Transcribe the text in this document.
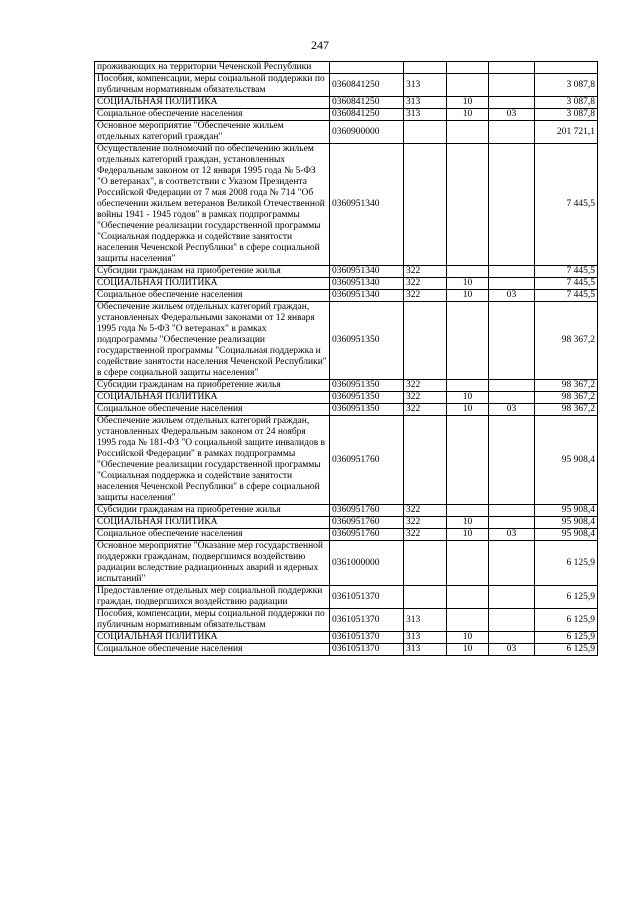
247
проживающих на территории Чеченской Республики					
Пособия, компенсации, меры социальной поддержки по публичным нормативным обязательствам	0360841250	313			3 087,8
СОЦИАЛЬНАЯ ПОЛИТИКА	0360841250	313	10		3 087,8
Социальное обеспечение населения	0360841250	313	10	03	3 087,8
Основное мероприятие "Обеспечение жильем отдельных категорий граждан"	0360900000				201 721,1
Осуществление полномочий по обеспечению жильем отдельных категорий граждан, установленных Федеральным законом от 12 января 1995 года № 5-ФЗ "О ветеранах", в соответствии с Указом Президента Российской Федерации от 7 мая 2008 года № 714 "Об обеспечении жильем ветеранов Великой Отечественной войны 1941 - 1945 годов" в рамках подпрограммы "Обеспечение реализации государственной программы "Социальная поддержка и содействие занятости населения Чеченской Республики" в сфере социальной защиты населения"	0360951340				7 445,5
Субсидии гражданам на приобретение жилья	0360951340	322			7 445,5
СОЦИАЛЬНАЯ ПОЛИТИКА	0360951340	322	10		7 445,5
Социальное обеспечение населения	0360951340	322	10	03	7 445,5
Обеспечение жильем отдельных категорий граждан, установленных Федеральными законами от 12 января 1995 года № 5-ФЗ "О ветеранах" в рамках подпрограммы "Обеспечение реализации государственной программы "Социальная поддержка и содействие занятости населения Чеченской Республики" в сфере социальной защиты населения"	0360951350				98 367,2
Субсидии гражданам на приобретение жилья	0360951350	322			98 367,2
СОЦИАЛЬНАЯ ПОЛИТИКА	0360951350	322	10		98 367,2
Социальное обеспечение населения	0360951350	322	10	03	98 367,2
Обеспечение жильем отдельных категорий граждан, установленных Федеральным законом от 24 ноября 1995 года № 181-ФЗ "О социальной защите инвалидов в Российской Федерации" в рамках подпрограммы "Обеспечение реализации государственной программы "Социальная поддержка и содействие занятости населения Чеченской Республики" в сфере социальной защиты населения"	0360951760				95 908,4
Субсидии гражданам на приобретение жилья	0360951760	322			95 908,4
СОЦИАЛЬНАЯ ПОЛИТИКА	0360951760	322	10		95 908,4
Социальное обеспечение населения	0360951760	322	10	03	95 908,4
Основное мероприятие "Оказание мер государственной поддержки гражданам, подвергшимся воздействию радиации вследствие радиационных аварий и ядерных испытаний"	0361000000				6 125,9
Предоставление отдельных мер социальной поддержки граждан, подвергшихся воздействию радиации	0361051370				6 125,9
Пособия, компенсации, меры социальной поддержки по публичным нормативным обязательствам	0361051370	313			6 125,9
СОЦИАЛЬНАЯ ПОЛИТИКА	0361051370	313	10		6 125,9
Социальное обеспечение населения	0361051370	313	10	03	6 125,9
